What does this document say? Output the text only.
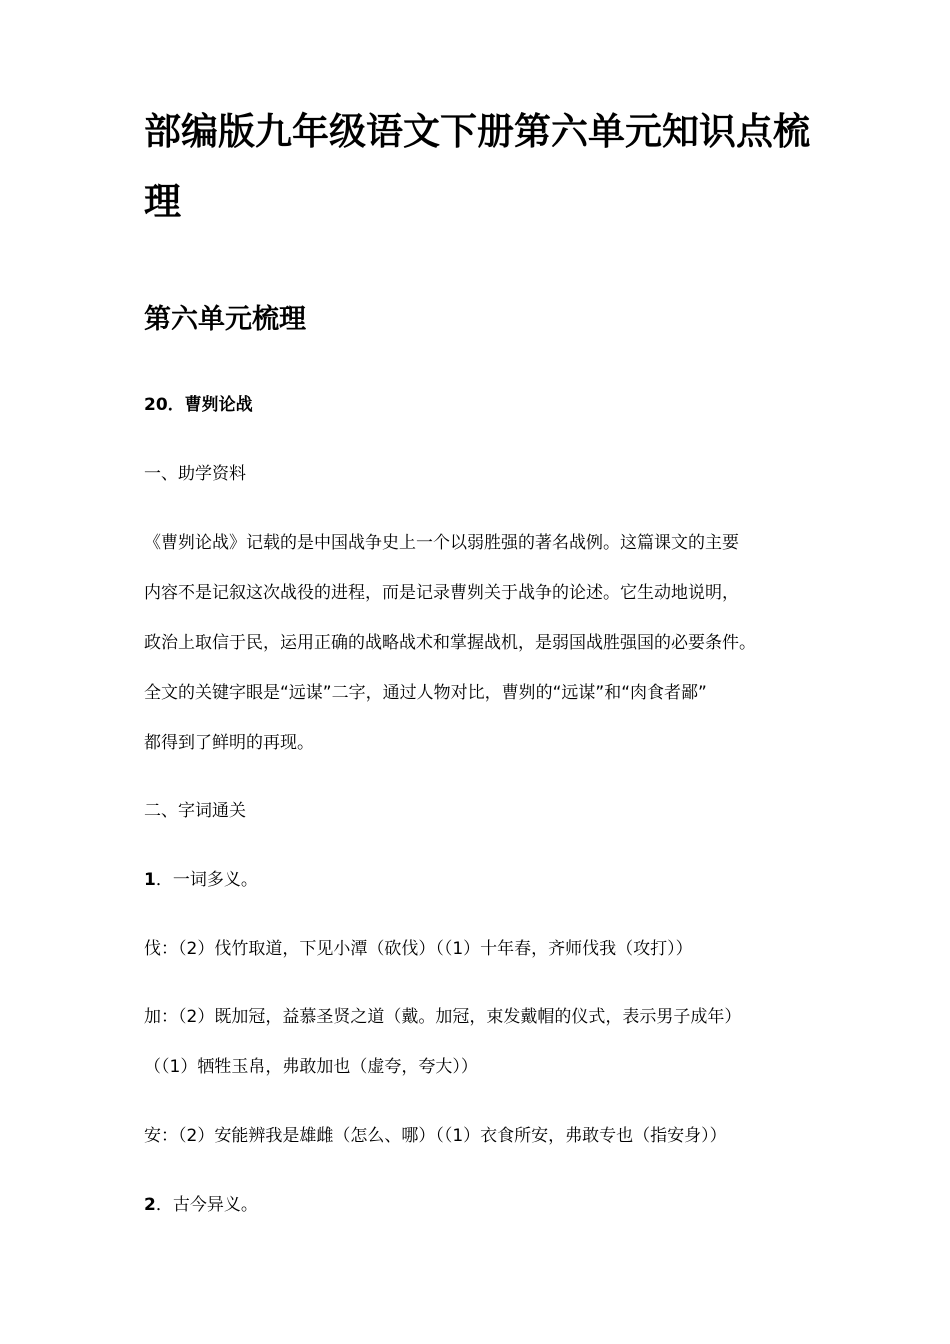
部编版九年级语文下册第六单元知识点梳理
第六单元梳理
20．曹刿论战

一、助学资料

《曹刿论战》记载的是中国战争史上一个以弱胜强的著名战例。这篇课文的主要

内容不是记叙这次战役的进程，而是记录曹刿关于战争的论述。它生动地说明，

政治上取信于民，运用正确的战略战术和掌握战机，是弱国战胜强国的必要条件。

全文的关键字眼是“远谋”二字，通过人物对比，曹刿的“远谋”和“肉食者鄙”

都得到了鲜明的再现。

二、字词通关

1．一词多义。

伐：（2）伐竹取道，下见小潭（砍伐）（（1）十年春，齐师伐我（攻打））

加：（2）既加冠，益慕圣贤之道（戴。加冠，束发戴帽的仪式，表示男子成年）

（（1）牺牲玉帛，弗敢加也（虚夸，夸大））

安：（2）安能辨我是雄雌（怎么、哪）（（1）衣食所安，弗敢专也（指安身））

2．古今异义。
